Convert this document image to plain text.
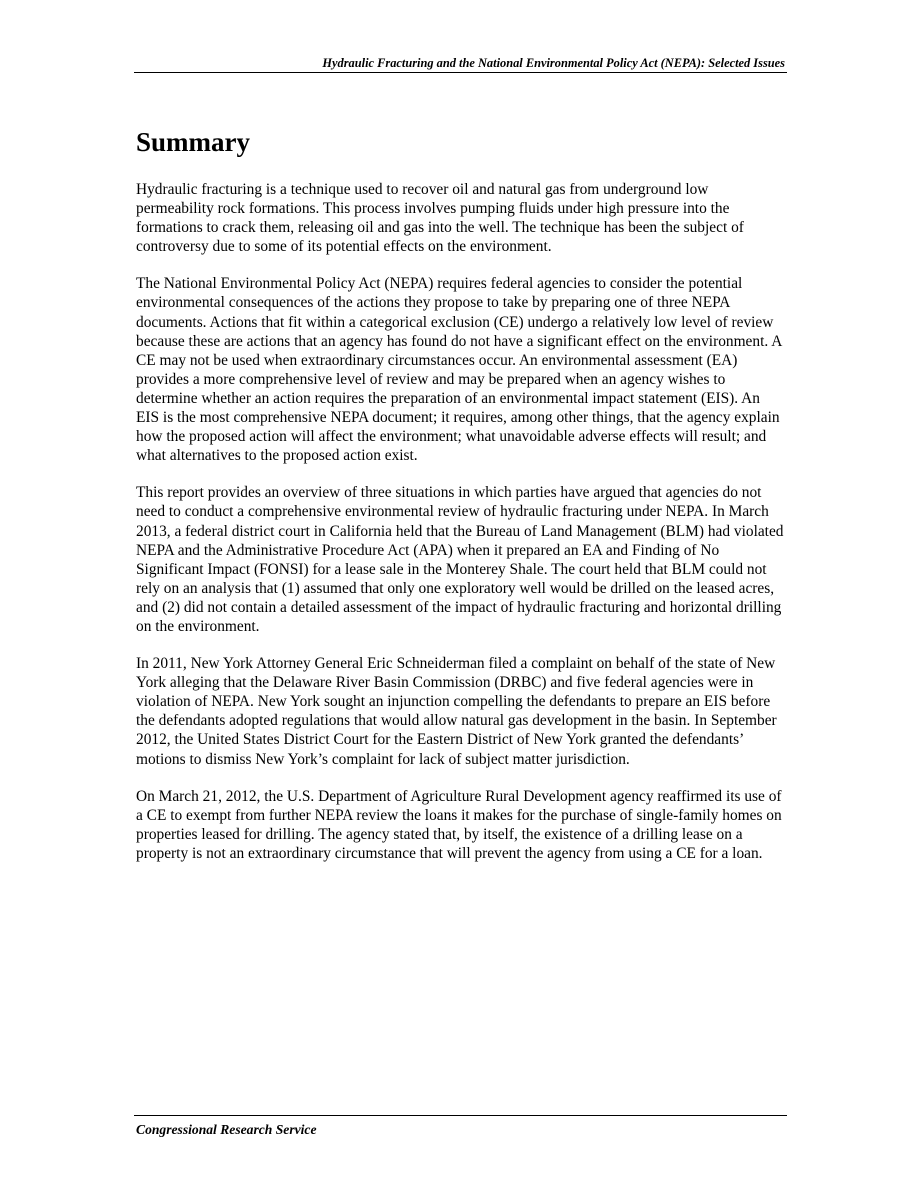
Hydraulic Fracturing and the National Environmental Policy Act (NEPA): Selected Issues
Summary

Hydraulic fracturing is a technique used to recover oil and natural gas from underground low permeability rock formations. This process involves pumping fluids under high pressure into the formations to crack them, releasing oil and gas into the well. The technique has been the subject of controversy due to some of its potential effects on the environment.

The National Environmental Policy Act (NEPA) requires federal agencies to consider the potential environmental consequences of the actions they propose to take by preparing one of three NEPA documents. Actions that fit within a categorical exclusion (CE) undergo a relatively low level of review because these are actions that an agency has found do not have a significant effect on the environment. A CE may not be used when extraordinary circumstances occur. An environmental assessment (EA) provides a more comprehensive level of review and may be prepared when an agency wishes to determine whether an action requires the preparation of an environmental impact statement (EIS). An EIS is the most comprehensive NEPA document; it requires, among other things, that the agency explain how the proposed action will affect the environment; what unavoidable adverse effects will result; and what alternatives to the proposed action exist.

This report provides an overview of three situations in which parties have argued that agencies do not need to conduct a comprehensive environmental review of hydraulic fracturing under NEPA. In March 2013, a federal district court in California held that the Bureau of Land Management (BLM) had violated NEPA and the Administrative Procedure Act (APA) when it prepared an EA and Finding of No Significant Impact (FONSI) for a lease sale in the Monterey Shale. The court held that BLM could not rely on an analysis that (1) assumed that only one exploratory well would be drilled on the leased acres, and (2) did not contain a detailed assessment of the impact of hydraulic fracturing and horizontal drilling on the environment.

In 2011, New York Attorney General Eric Schneiderman filed a complaint on behalf of the state of New York alleging that the Delaware River Basin Commission (DRBC) and five federal agencies were in violation of NEPA. New York sought an injunction compelling the defendants to prepare an EIS before the defendants adopted regulations that would allow natural gas development in the basin. In September 2012, the United States District Court for the Eastern District of New York granted the defendants’ motions to dismiss New York’s complaint for lack of subject matter jurisdiction.

On March 21, 2012, the U.S. Department of Agriculture Rural Development agency reaffirmed its use of a CE to exempt from further NEPA review the loans it makes for the purchase of single-family homes on properties leased for drilling. The agency stated that, by itself, the existence of a drilling lease on a property is not an extraordinary circumstance that will prevent the agency from using a CE for a loan.

Congressional Research Service
